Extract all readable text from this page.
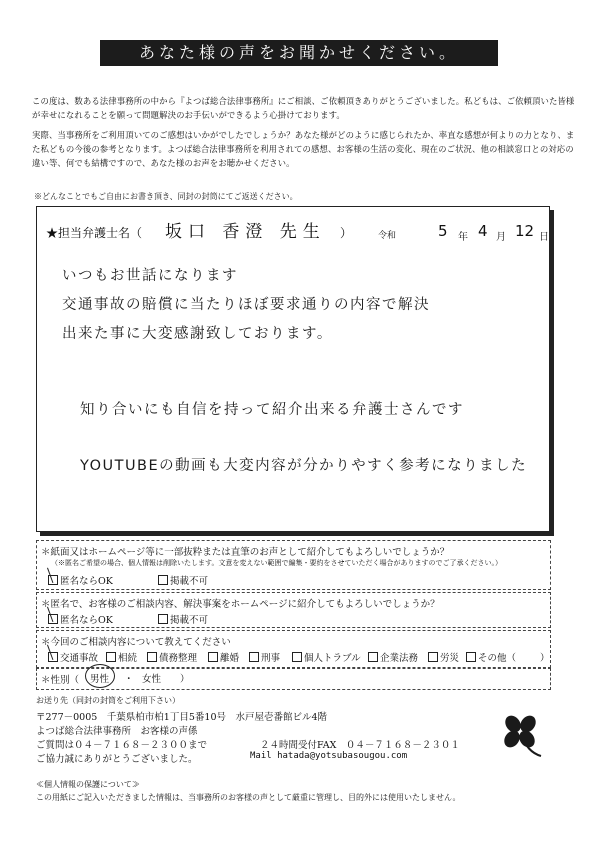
あなた様の声をお聞かせください。
この度は、数ある法律事務所の中から『よつば総合法律事務所』にご相談、ご依頼頂きありがとうございました。私どもは、ご依頼頂いた皆様が幸せになれることを願って問題解決のお手伝いができるよう心掛けております。
実際、当事務所をご利用頂いてのご感想はいかがでしたでしょうか？あなた様がどのように感じられたか、率直な感想が何よりの力となり、また私どもの今後の参考となります。よつば総合法律事務所を利用されての感想、お客様の生活の変化、現在のご状況、他の相談窓口との対応の違い等、何でも結構ですので、あなた様のお声をお聴かせください。
※どんなことでもご自由にお書き頂き、同封の封筒にてご返送ください。
★担当弁護士名（ 坂口 香澄 先生 ）	令和	5 年 4 月 12 日
いつもお世話になります
交通事故の賠償に当たりほぼ要求通りの内容で解決
出来た事に大変感謝致しております。
知り合いにも自信を持って紹介出来る弁護士さんです
YOUTUBEの動画も大変内容が分かりやすく参考になりました
＊紙面又はホームページ等に一部抜粋または直筆のお声として紹介してもよろしいでしょうか？
（※匿名ご希望の場合、個人情報は削除いたします。文意を変えない範囲で編集・要約をさせていただく場合がありますのでご了承ください。）
匿名ならOK	掲載不可
＊匿名で、お客様のご相談内容、解決事案をホームページに紹介してもよろしいでしょうか？
匿名ならOK	掲載不可
＊今回のご相談内容について教えてください
交通事故	相続	債務整理	離婚	刑事	個人トラブル	企業法務	労災	その他（	）
＊性別（ 男性 ・ 女性 ）
お送り先（同封の封筒をご利用下さい）
〒277－0005　千葉県柏市柏1丁目5番10号　水戸屋壱番館ビル4階
よつば総合法律事務所　お客様の声係
ご質問は０４－７１６８－２３００まで	２４時間受付FAX　０４－７１６８－２３０１
ご協力誠にありがとうございました。	Mail hatada@yotsubasougou.com
≪個人情報の保護について≫
この用紙にご記入いただきました情報は、当事務所のお客様の声として厳重に管理し、目的外には使用いたしません。
